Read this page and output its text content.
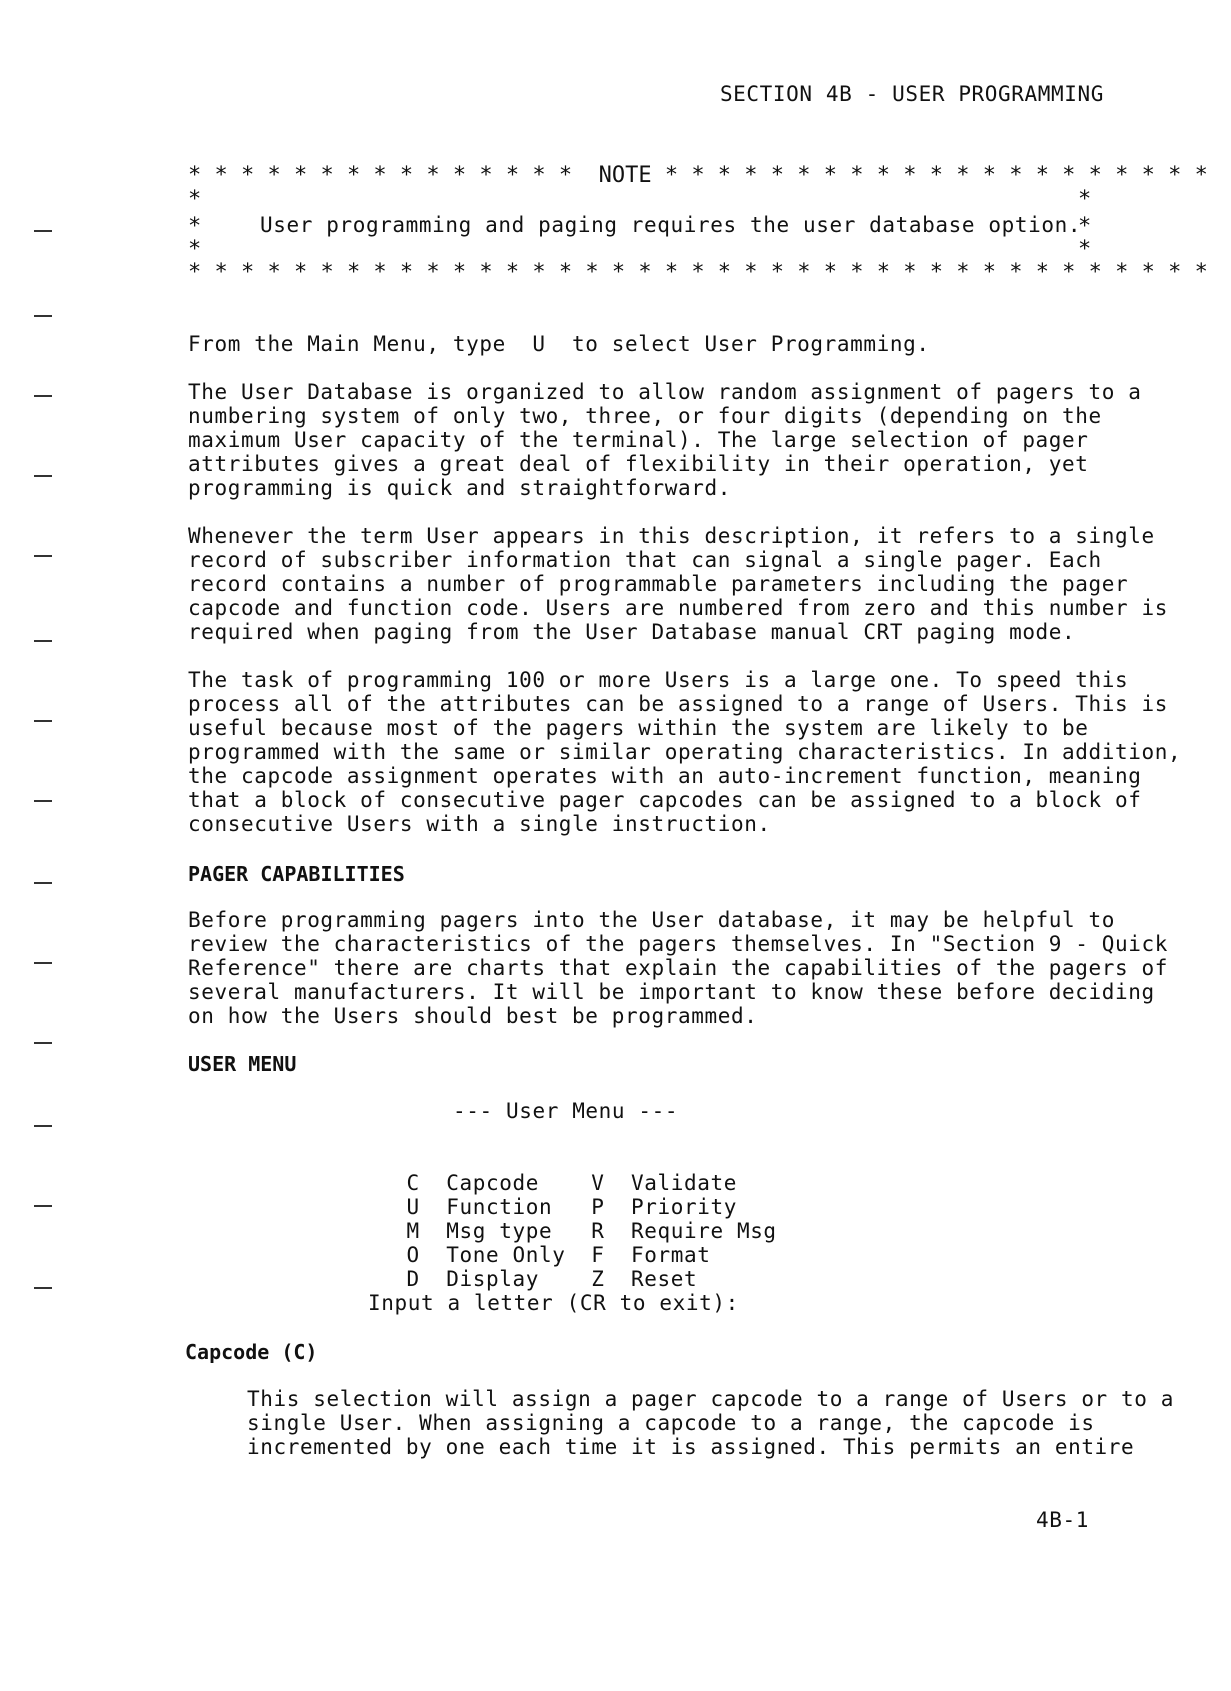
SECTION 4B - USER PROGRAMMING
* * * * * * * * * * * * * * *  NOTE * * * * * * * * * * * * * * * * * * * * *
*	*
*	User programming and paging requires the user database option.
*
*	*
* * * * * * * * * * * * * * * * * * * * * * * * * * * * * * * * * * * * * * *
From the Main Menu, type  U  to select User Programming.
The User Database is organized to allow random assignment of pagers to a
numbering system of only two, three, or four digits (depending on the
maximum User capacity of the terminal). The large selection of pager
attributes gives a great deal of flexibility in their operation, yet
programming is quick and straightforward.
Whenever the term User appears in this description, it refers to a single
record of subscriber information that can signal a single pager. Each
record contains a number of programmable parameters including the pager
capcode and function code. Users are numbered from zero and this number is
required when paging from the User Database manual CRT paging mode.
The task of programming 100 or more Users is a large one. To speed this
process all of the attributes can be assigned to a range of Users. This is
useful because most of the pagers within the system are likely to be
programmed with the same or similar operating characteristics. In addition,
the capcode assignment operates with an auto-increment function, meaning
that a block of consecutive pager capcodes can be assigned to a block of
consecutive Users with a single instruction.
PAGER CAPABILITIES
Before programming pagers into the User database, it may be helpful to
review the characteristics of the pagers themselves. In "Section 9 - Quick
Reference" there are charts that explain the capabilities of the pagers of
several manufacturers. It will be important to know these before deciding
on how the Users should best be programmed.
USER MENU
--- User Menu ---

C Capcode V Validate

U Function P Priority

M Msg type R Require Msg

O Tone Only F Format

D Display Z Reset

Input a letter (CR to exit):
Capcode (C)
This selection will assign a pager capcode to a range of Users or to a
single User. When assigning a capcode to a range, the capcode is
incremented by one each time it is assigned. This permits an entire
4B-1
